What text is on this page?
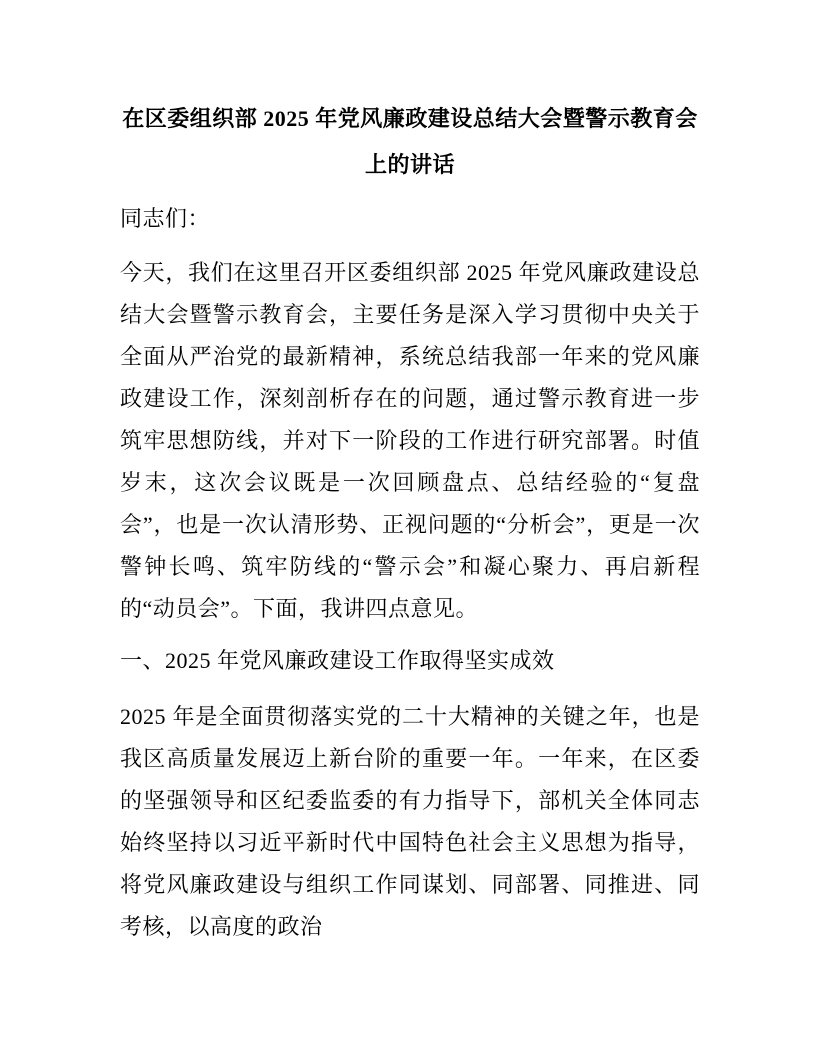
在区委组织部 2025 年党风廉政建设总结大会暨警示教育会上的讲话

同志们：

今天，我们在这里召开区委组织部 2025 年党风廉政建设总结大会暨警示教育会，主要任务是深入学习贯彻中央关于全面从严治党的最新精神，系统总结我部一年来的党风廉政建设工作，深刻剖析存在的问题，通过警示教育进一步筑牢思想防线，并对下一阶段的工作进行研究部署。时值岁末，这次会议既是一次回顾盘点、总结经验的“复盘会”，也是一次认清形势、正视问题的“分析会”，更是一次警钟长鸣、筑牢防线的“警示会”和凝心聚力、再启新程的“动员会”。下面，我讲四点意见。

一、2025 年党风廉政建设工作取得坚实成效

2025 年是全面贯彻落实党的二十大精神的关键之年，也是我区高质量发展迈上新台阶的重要一年。一年来，在区委的坚强领导和区纪委监委的有力指导下，部机关全体同志始终坚持以习近平新时代中国特色社会主义思想为指导，将党风廉政建设与组织工作同谋划、同部署、同推进、同考核，以高度的政治
